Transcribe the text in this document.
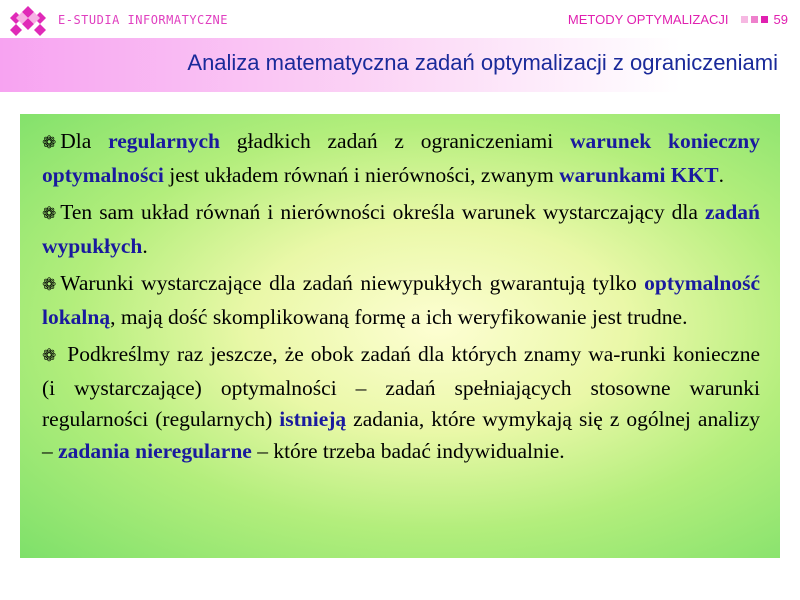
E-STUDIA INFORMATYCZNE	METODY OPTYMALIZACJI	59
Analiza matematyczna zadań optymalizacji z ograniczeniami
❁ Dla regularnych gładkich zadań z ograniczeniami warunek konieczny optymalności jest układem równań i nierówności, zwanym warunkami KKT.
❁ Ten sam układ równań i nierówności określa warunek wystarczający dla zadań wypukłych.
❁ Warunki wystarczające dla zadań niewypukłych gwarantują tylko optymalność lokalną, mają dość skomplikowaną formę a ich weryfikowanie jest trudne.
❁ Podkreślmy raz jeszcze, że obok zadań dla których znamy wa-runki konieczne (i wystarczające) optymalności – zadań spełniających stosowne warunki regularności (regularnych) istnieją zadania, które wymykają się z ogólnej analizy – zadania nieregularne – które trzeba badać indywidualnie.
